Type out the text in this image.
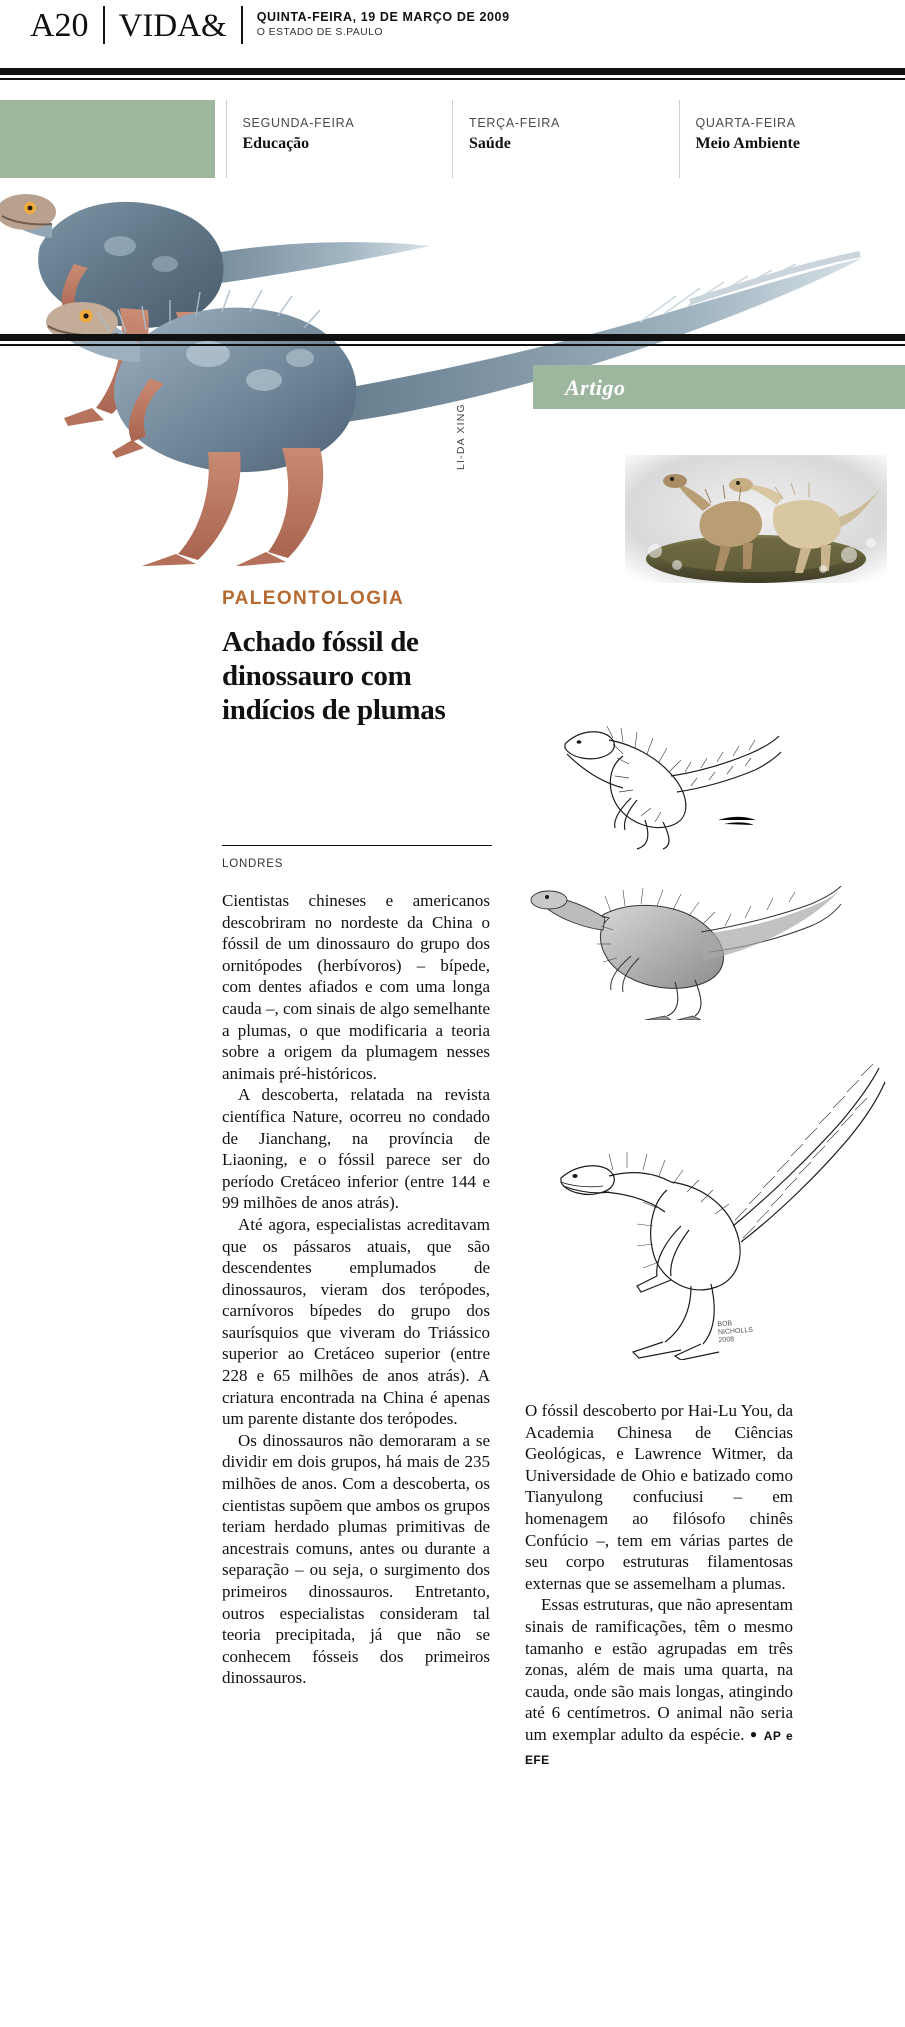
A20 VIDA& QUINTA-FEIRA, 19 DE MARÇO DE 2009
O ESTADO DE S.PAULO
SEGUNDA-FEIRA
Educação
TERÇA-FEIRA
Saúde
QUARTA-FEIRA
Meio Ambiente
LI-DA XING
Artigo
BOB
NICHOLLS
2008
PALEONTOLOGIA
Achado fóssil de dinossauro com indícios de plumas
LONDRES

Cientistas chineses e americanos descobriram no nordeste da China o fóssil de um dinossauro do grupo dos ornitópodes (herbívoros) – bípede, com dentes afiados e com uma longa cauda –, com sinais de algo semelhante a plumas, o que modificaria a teoria sobre a origem da plumagem nesses animais pré-históricos.

A descoberta, relatada na revista científica Nature, ocorreu no condado de Jianchang, na província de Liaoning, e o fóssil parece ser do período Cretáceo inferior (entre 144 e 99 milhões de anos atrás).

Até agora, especialistas acreditavam que os pássaros atuais, que são descendentes emplumados de dinossauros, vieram dos terópodes, carnívoros bípedes do grupo dos saurísquios que viveram do Triássico superior ao Cretáceo superior (entre 228 e 65 milhões de anos atrás). A criatura encontrada na China é apenas um parente distante dos terópodes.

Os dinossauros não demoraram a se dividir em dois grupos, há mais de 235 milhões de anos. Com a descoberta, os cientistas supõem que ambos os grupos teriam herdado plumas primitivas de ancestrais comuns, antes ou durante a separação – ou seja, o surgimento dos primeiros dinossauros. Entretanto, outros especialistas consideram tal teoria precipitada, já que não se conhecem fósseis dos primeiros dinossauros.

O fóssil descoberto por Hai-Lu You, da Academia Chinesa de Ciências Geológicas, e Lawrence Witmer, da Universidade de Ohio e batizado como Tianyulong confuciusi – em homenagem ao filósofo chinês Confúcio –, tem em várias partes de seu corpo estruturas filamentosas externas que se assemelham a plumas.

Essas estruturas, que não apresentam sinais de ramificações, têm o mesmo tamanho e estão agrupadas em três zonas, além de mais uma quarta, na cauda, onde são mais longas, atingindo até 6 centímetros. O animal não seria um exemplar adulto da espécie. ● AP e EFE
